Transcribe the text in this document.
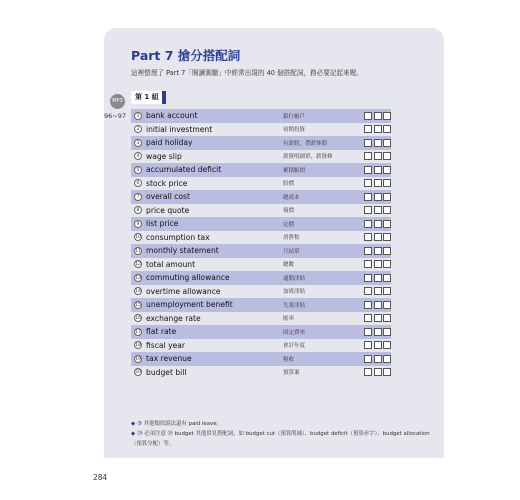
Part 7 搶分搭配詞
這裡整理了 Part 7「閱讀測驗」中經常出現的 40 個搭配詞，務必要記起來喔。
MP3
96~97
第 1 組
1 bank account	銀行帳戶
2 initial investment	初期投資
3 paid holiday	有薪假，帶薪休假
4 wage slip	薪資明細單，薪資條
5 accumulated deficit	累積虧損
6 stock price	股價
7 overall cost	總成本
8 price quote	報價
9 list price	定價
10 consumption tax	消費稅
11 monthly statement	月結單
12 total amount	總數
13 commuting allowance	通勤津貼
14 overtime allowance	加班津貼
15 unemployment benefit	失業津貼
16 exchange rate	匯率
17 flat rate	固定費率
18 fiscal year	會計年度
19 tax revenue	稅收
20 budget bill	預算案
◆ ③ 其他類似說法還有 paid leave。
◆ ⑳ 必須注意 ⑳ budget 其他常見搭配詞，如 budget cut（預算削減）、budget deficit（預算赤字）、budget allocation（預算分配）等。
284
